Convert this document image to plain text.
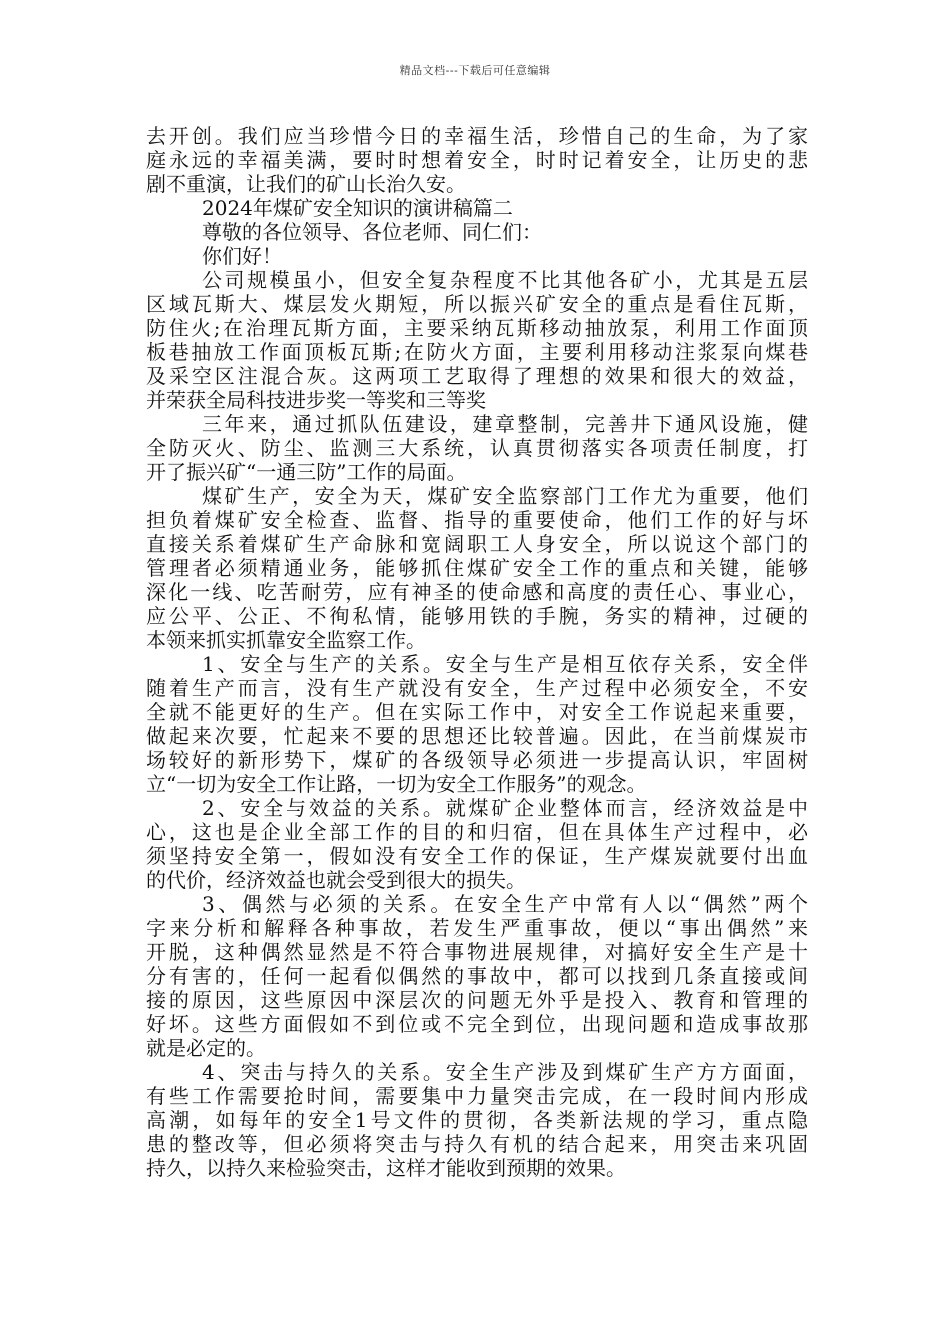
精品文档---下载后可任意编辑
去开创。我们应当珍惜今日的幸福生活，珍惜自己的生命，为了家
庭永远的幸福美满，要时时想着安全，时时记着安全，让历史的悲
剧不重演，让我们的矿山长治久安。
2024年煤矿安全知识的演讲稿篇二
尊敬的各位领导、各位老师、同仁们：
你们好！
公司规模虽小，但安全复杂程度不比其他各矿小，尤其是五层
区域瓦斯大、煤层发火期短，所以振兴矿安全的重点是看住瓦斯，
防住火;在治理瓦斯方面，主要采纳瓦斯移动抽放泵，利用工作面顶
板巷抽放工作面顶板瓦斯;在防火方面，主要利用移动注浆泵向煤巷
及采空区注混合灰。这两项工艺取得了理想的效果和很大的效益，
并荣获全局科技进步奖一等奖和三等奖
三年来，通过抓队伍建设，建章整制，完善井下通风设施，健
全防灭火、防尘、监测三大系统，认真贯彻落实各项责任制度，打
开了振兴矿“一通三防”工作的局面。
煤矿生产，安全为天，煤矿安全监察部门工作尤为重要，他们
担负着煤矿安全检查、监督、指导的重要使命，他们工作的好与坏
直接关系着煤矿生产命脉和宽阔职工人身安全，所以说这个部门的
管理者必须精通业务，能够抓住煤矿安全工作的重点和关键，能够
深化一线、吃苦耐劳，应有神圣的使命感和高度的责任心、事业心，
应公平、公正、不徇私情，能够用铁的手腕，务实的精神，过硬的
本领来抓实抓靠安全监察工作。
1、安全与生产的关系。安全与生产是相互依存关系，安全伴
随着生产而言，没有生产就没有安全，生产过程中必须安全，不安
全就不能更好的生产。但在实际工作中，对安全工作说起来重要，
做起来次要，忙起来不要的思想还比较普遍。因此，在当前煤炭市
场较好的新形势下，煤矿的各级领导必须进一步提高认识，牢固树
立“一切为安全工作让路，一切为安全工作服务”的观念。
2、安全与效益的关系。就煤矿企业整体而言，经济效益是中
心，这也是企业全部工作的目的和归宿，但在具体生产过程中，必
须坚持安全第一，假如没有安全工作的保证，生产煤炭就要付出血
的代价，经济效益也就会受到很大的损失。
3、偶然与必须的关系。在安全生产中常有人以“偶然”两个
字来分析和解释各种事故，若发生严重事故，便以“事出偶然”来
开脱，这种偶然显然是不符合事物进展规律，对搞好安全生产是十
分有害的，任何一起看似偶然的事故中，都可以找到几条直接或间
接的原因，这些原因中深层次的问题无外乎是投入、教育和管理的
好坏。这些方面假如不到位或不完全到位，出现问题和造成事故那
就是必定的。
4、突击与持久的关系。安全生产涉及到煤矿生产方方面面，
有些工作需要抢时间，需要集中力量突击完成，在一段时间内形成
高潮，如每年的安全1号文件的贯彻，各类新法规的学习，重点隐
患的整改等，但必须将突击与持久有机的结合起来，用突击来巩固
持久，以持久来检验突击，这样才能收到预期的效果。
